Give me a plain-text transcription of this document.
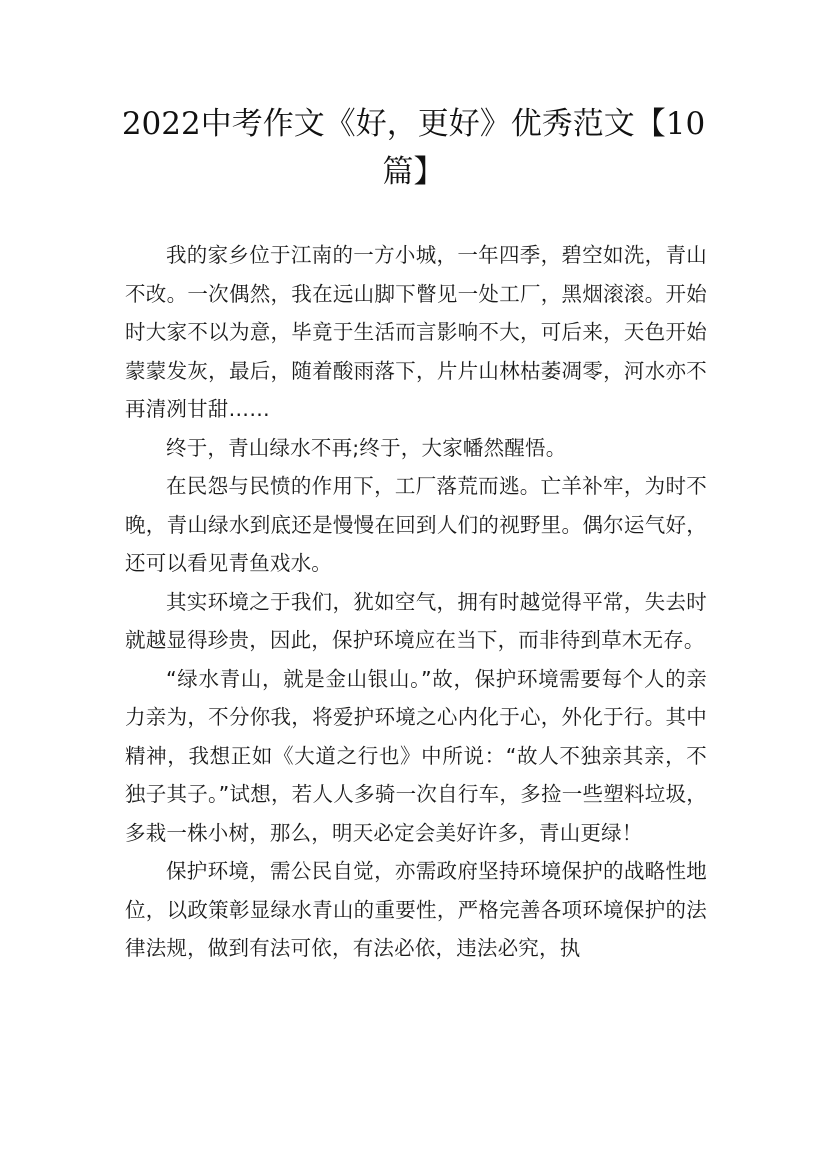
2022中考作文《好，更好》优秀范文【10篇】

我的家乡位于江南的一方小城，一年四季，碧空如洗，青山不改。一次偶然，我在远山脚下瞥见一处工厂，黑烟滚滚。开始时大家不以为意，毕竟于生活而言影响不大，可后来，天色开始蒙蒙发灰，最后，随着酸雨落下，片片山林枯萎凋零，河水亦不再清冽甘甜……

终于，青山绿水不再;终于，大家幡然醒悟。

在民怨与民愤的作用下，工厂落荒而逃。亡羊补牢，为时不晚，青山绿水到底还是慢慢在回到人们的视野里。偶尔运气好，还可以看见青鱼戏水。

其实环境之于我们，犹如空气，拥有时越觉得平常，失去时就越显得珍贵，因此，保护环境应在当下，而非待到草木无存。

“绿水青山，就是金山银山。”故，保护环境需要每个人的亲力亲为，不分你我，将爱护环境之心内化于心，外化于行。其中精神，我想正如《大道之行也》中所说：“故人不独亲其亲，不独子其子。”试想，若人人多骑一次自行车，多捡一些塑料垃圾，多栽一株小树，那么，明天必定会美好许多，青山更绿！

保护环境，需公民自觉，亦需政府坚持环境保护的战略性地位，以政策彰显绿水青山的重要性，严格完善各项环境保护的法律法规，做到有法可依，有法必依，违法必究，执
